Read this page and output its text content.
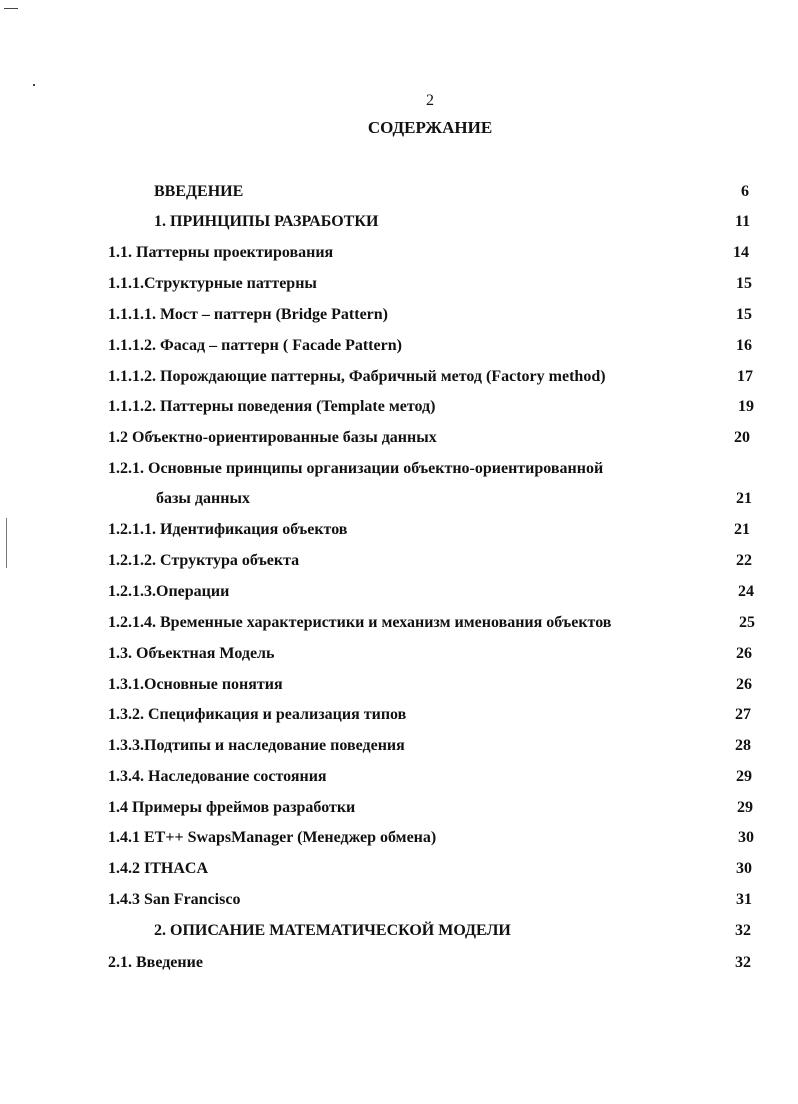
2
СОДЕРЖАНИЕ
ВВЕДЕНИЕ	6
1. ПРИНЦИПЫ РАЗРАБОТКИ	11
1.1. Паттерны проектирования	14
1.1.1.Структурные паттерны	15
1.1.1.1. Мост – паттерн (Bridge Pattern)	15
1.1.1.2. Фасад – паттерн ( Facade Pattern)	16
1.1.1.2. Порождающие паттерны, Фабричный метод (Factory method)	17
1.1.1.2. Паттерны поведения (Template метод)	19
1.2 Объектно-ориентированные базы данных	20
1.2.1. Основные принципы организации объектно-ориентированной
базы данных	21
1.2.1.1. Идентификация объектов	21
1.2.1.2. Структура объекта	22
1.2.1.3.Операции	24
1.2.1.4. Временные характеристики и механизм именования объектов	25
1.3. Объектная Модель	26
1.3.1.Основные понятия	26
1.3.2. Спецификация и реализация типов	27
1.3.3.Подтипы и наследование поведения	28
1.3.4. Наследование состояния	29
1.4 Примеры фреймов разработки	29
1.4.1 ЕТ++ SwapsManager (Менеджер обмена)	30
1.4.2 ITHACA	30
1.4.3 San Francisco	31
2. ОПИСАНИЕ МАТЕМАТИЧЕСКОЙ МОДЕЛИ	32
2.1. Введение	32
